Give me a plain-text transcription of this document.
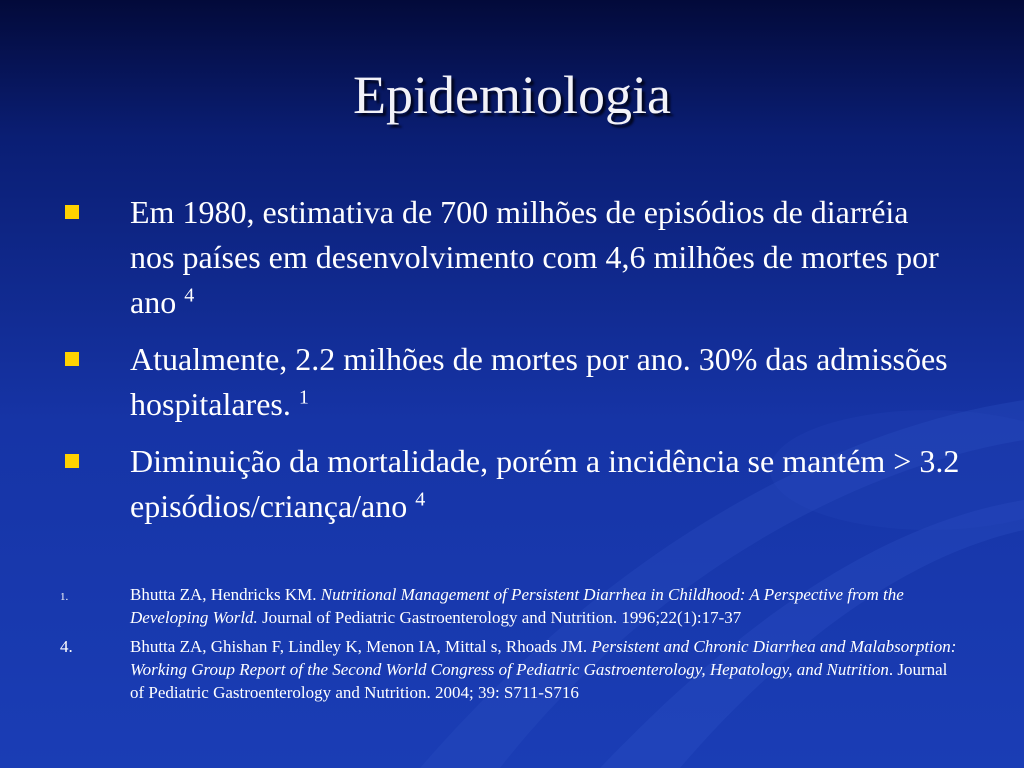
Epidemiologia
Em 1980, estimativa de 700 milhões de episódios de diarréia nos países em desenvolvimento com 4,6 milhões de mortes por ano $^4$
Atualmente, 2.2 milhões de mortes por ano. 30% das admissões hospitalares. $^1$
Diminuição da mortalidade, porém a incidência se mantém > 3.2 episódios/criança/ano $^4$
1.	Bhutta ZA, Hendricks KM. Nutritional Management of Persistent Diarrhea in Childhood: A Perspective from the Developing World. Journal of Pediatric Gastroenterology and Nutrition. 1996;22(1):17-37
4.	Bhutta ZA, Ghishan F, Lindley K, Menon IA, Mittal s, Rhoads JM. Persistent and Chronic Diarrhea and Malabsorption: Working Group Report of the Second World Congress of Pediatric Gastroenterology, Hepatology, and Nutrition. Journal of Pediatric Gastroenterology and Nutrition. 2004; 39: S711-S716
